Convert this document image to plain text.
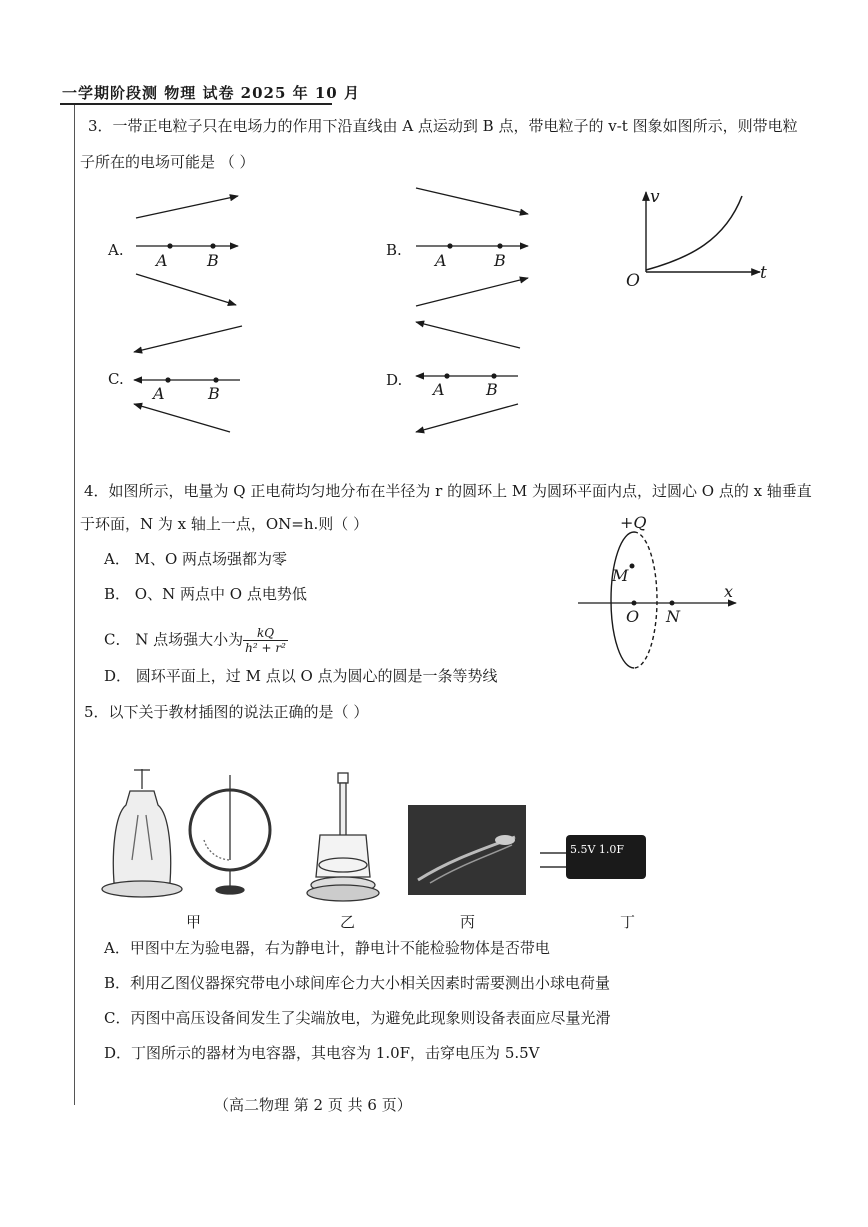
一学期阶段测 物理 试卷 2025 年 10 月
3．一带正电粒子只在电场力的作用下沿直线由 A 点运动到 B 点，带电粒子的 v-t 图象如图所示，则带电粒
子所在的电场可能是 （ ）
A.	B.
C.	D.
A B	A	B
A	B	A	B
v
t
O
4．如图所示，电量为 Q 正电荷均匀地分布在半径为 r 的圆环上 M 为圆环平面内点，过圆心 O 点的 x 轴垂直
于环面，N 为 x 轴上一点，ON=h.则（ ）
A． M、O 两点场强都为零
B． O、N 两点中 O 点电势低
C． N 点场强大小为 $\frac{kQ}{\text{h² + r²}}$
D． 圆环平面上，过 M 点以 O 点为圆心的圆是一条等势线
+Q
M
O N
x
5．以下关于教材插图的说法正确的是（ ）
5.5V 1.0F
甲	乙	丙	丁
A．甲图中左为验电器，右为静电计，静电计不能检验物体是否带电
B．利用乙图仪器探究带电小球间库仑力大小相关因素时需要测出小球电荷量
C．丙图中高压设备间发生了尖端放电，为避免此现象则设备表面应尽量光滑
D．丁图所示的器材为电容器，其电容为 1.0F，击穿电压为 5.5V
（高二物理 第 2 页 共 6 页）
